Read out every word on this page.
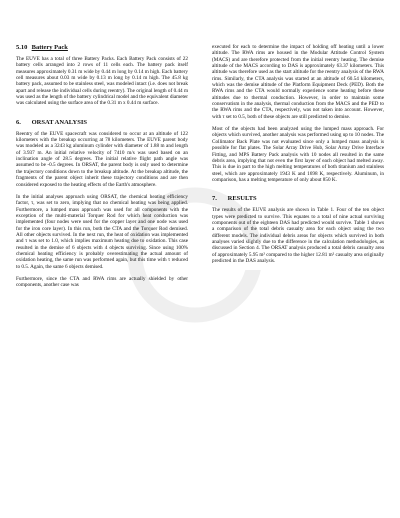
5.10 Battery Pack

The EUVE has a total of three Battery Packs. Each Battery Pack consists of 22 battery cells arranged into 2 rows of 11 cells each. The battery pack itself measures approximately 0.31 m wide by 0.44 m long by 0.14 m high. Each battery cell measures about 0.03 m wide by 0.13 m long by 0.14 m high. The 45.8 kg battery pack, assumed to be stainless steel, was modeled intact (i.e. does not break apart and release the individual cells during reentry). The original length of 0.44 m was used as the length of the battery cylindrical model and the equivalent diameter was calculated using the surface area of the 0.31 m x 0.44 m surface.

6. ORSAT ANALYSIS

Reentry of the EUVE spacecraft was considered to occur at an altitude of 122 kilometers with the breakup occurring at 78 kilometers. The EUVE parent body was modeled as a 3243 kg aluminum cylinder with diameter of 1.88 m and length of 3.937 m. An initial relative velocity of 7410 m/s was used based on an inclination angle of 28.5 degrees. The initial relative flight path angle was assumed to be -0.5 degrees. In ORSAT, the parent body is only used to determine the trajectory conditions down to the breakup altitude. At the breakup altitude, the fragments of the parent object inherit these trajectory conditions and are then considered exposed to the heating effects of the Earth's atmosphere.

In the initial analyses approach using ORSAT, the chemical heating efficiency factor, τ, was set to zero, implying that no chemical heating was being applied. Furthermore, a lumped mass approach was used for all components with the exception of the multi-material Torquer Rod for which heat conduction was implemented (four nodes were used for the copper layer and one node was used for the iron core layer). In this run, both the CTA and the Torquer Rod demised. All other objects survived. In the next run, the heat of oxidation was implemented and τ was set to 1.0, which implies maximum heating due to oxidation. This case resulted in the demise of 6 objects with 4 objects surviving. Since using 100% chemical heating efficiency is probably overestimating the actual amount of oxidation heating, the same run was performed again, but this time with τ reduced to 0.5. Again, the same 6 objects demised.

Furthermore, since the CTA and RWA rims are actually shielded by other components, another case was

executed for each to determine the impact of holding off heating until a lower altitude. The RWA rims are housed in the Modular Attitude Control System (MACS) and are therefore protected from the initial reentry heating. The demise altitude of the MACS according to DAS is approximately 63.37 kilometers. This altitude was therefore used as the start altitude for the reentry analysis of the RWA rims. Similarly, the CTA analysis was started at an altitude of 60.54 kilometers, which was the demise altitude of the Platform Equipment Deck (PED). Both the RWA rims and the CTA would normally experience some heating before these altitudes due to thermal conduction. However, in order to maintain some conservatism in the analysis, thermal conduction from the MACS and the PED to the RWA rims and the CTA, respectively, was not taken into account. However, with τ set to 0.5, both of these objects are still predicted to demise.

Most of the objects had been analyzed using the lumped mass approach. For objects which survived, another analysis was performed using up to 10 nodes. The Collimator Back Plate was not evaluated since only a lumped mass analysis is possible for flat plates. The Solar Array Drive Hub, Solar Array Drive Interface Fitting, and MPS Battery Pack analysis with 10 nodes all resulted in the same debris area, implying that not even the first layer of each object had melted away. This is due in part to the high melting temperatures of both titanium and stainless steel, which are approximately 1943 K and 1698 K, respectively. Aluminum, in comparison, has a melting temperature of only about 850 K.

7. RESULTS

The results of the EUVE analysis are shown in Table 1. Four of the ten object types were predicted to survive. This equates to a total of nine actual surviving components out of the eighteen DAS had predicted would survive. Table 1 shows a comparison of the total debris casualty area for each object using the two different models. The individual debris areas for objects which survived in both analyses varied slightly due to the difference in the calculation methodologies, as discussed in Section 4. The ORSAT analysis produced a total debris casualty area of approximately 5.95 m² compared to the higher 12.81 m² casualty area originally predicted in the DAS analysis.
